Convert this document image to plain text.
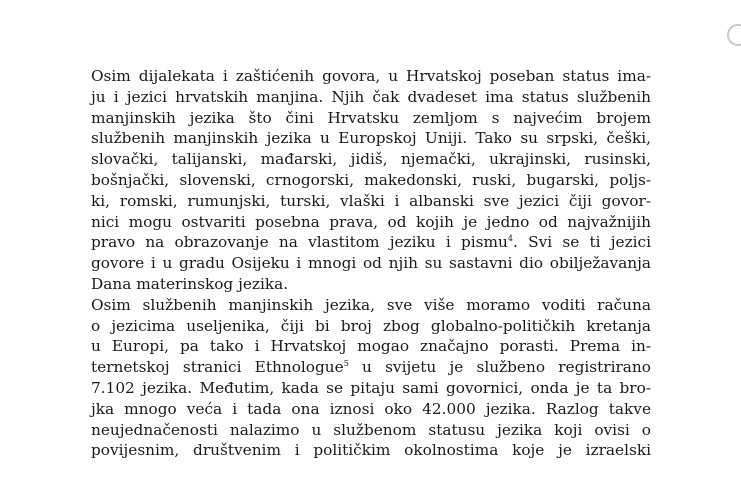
Osim dijalekata i zaštićenih govora, u Hrvatskoj poseban status ima-
ju i jezici hrvatskih manjina. Njih čak dvadeset ima status službenih
manjinskih jezika što čini Hrvatsku zemljom s najvećim brojem
službenih manjinskih jezika u Europskoj Uniji. Tako su srpski, češki,
slovački, talijanski, mađarski, jidiš, njemački, ukrajinski, rusinski,
bošnjački, slovenski, crnogorski, makedonski, ruski, bugarski, poljs-
ki, romski, rumunjski, turski, vlaški i albanski sve jezici čiji govor-
nici mogu ostvariti posebna prava, od kojih je jedno od najvažnijih
pravo na obrazovanje na vlastitom jeziku i pismu$^4$. Svi se ti jezici
govore i u gradu Osijeku i mnogi od njih su sastavni dio obilježavanja
Dana materinskog jezika.
Osim službenih manjinskih jezika, sve više moramo voditi računa
o jezicima useljenika, čiji bi broj zbog globalno-političkih kretanja
u Europi, pa tako i Hrvatskoj mogao značajno porasti. Prema in-
ternetskoj stranici Ethnologue$^5$ u svijetu je službeno registrirano
7.102 jezika. Međutim, kada se pitaju sami govornici, onda je ta bro-
jka mnogo veća i tada ona iznosi oko 42.000 jezika. Razlog takve
neujednačenosti nalazimo u službenom statusu jezika koji ovisi o
povijesnim, društvenim i političkim okolnostima koje je izraelski
